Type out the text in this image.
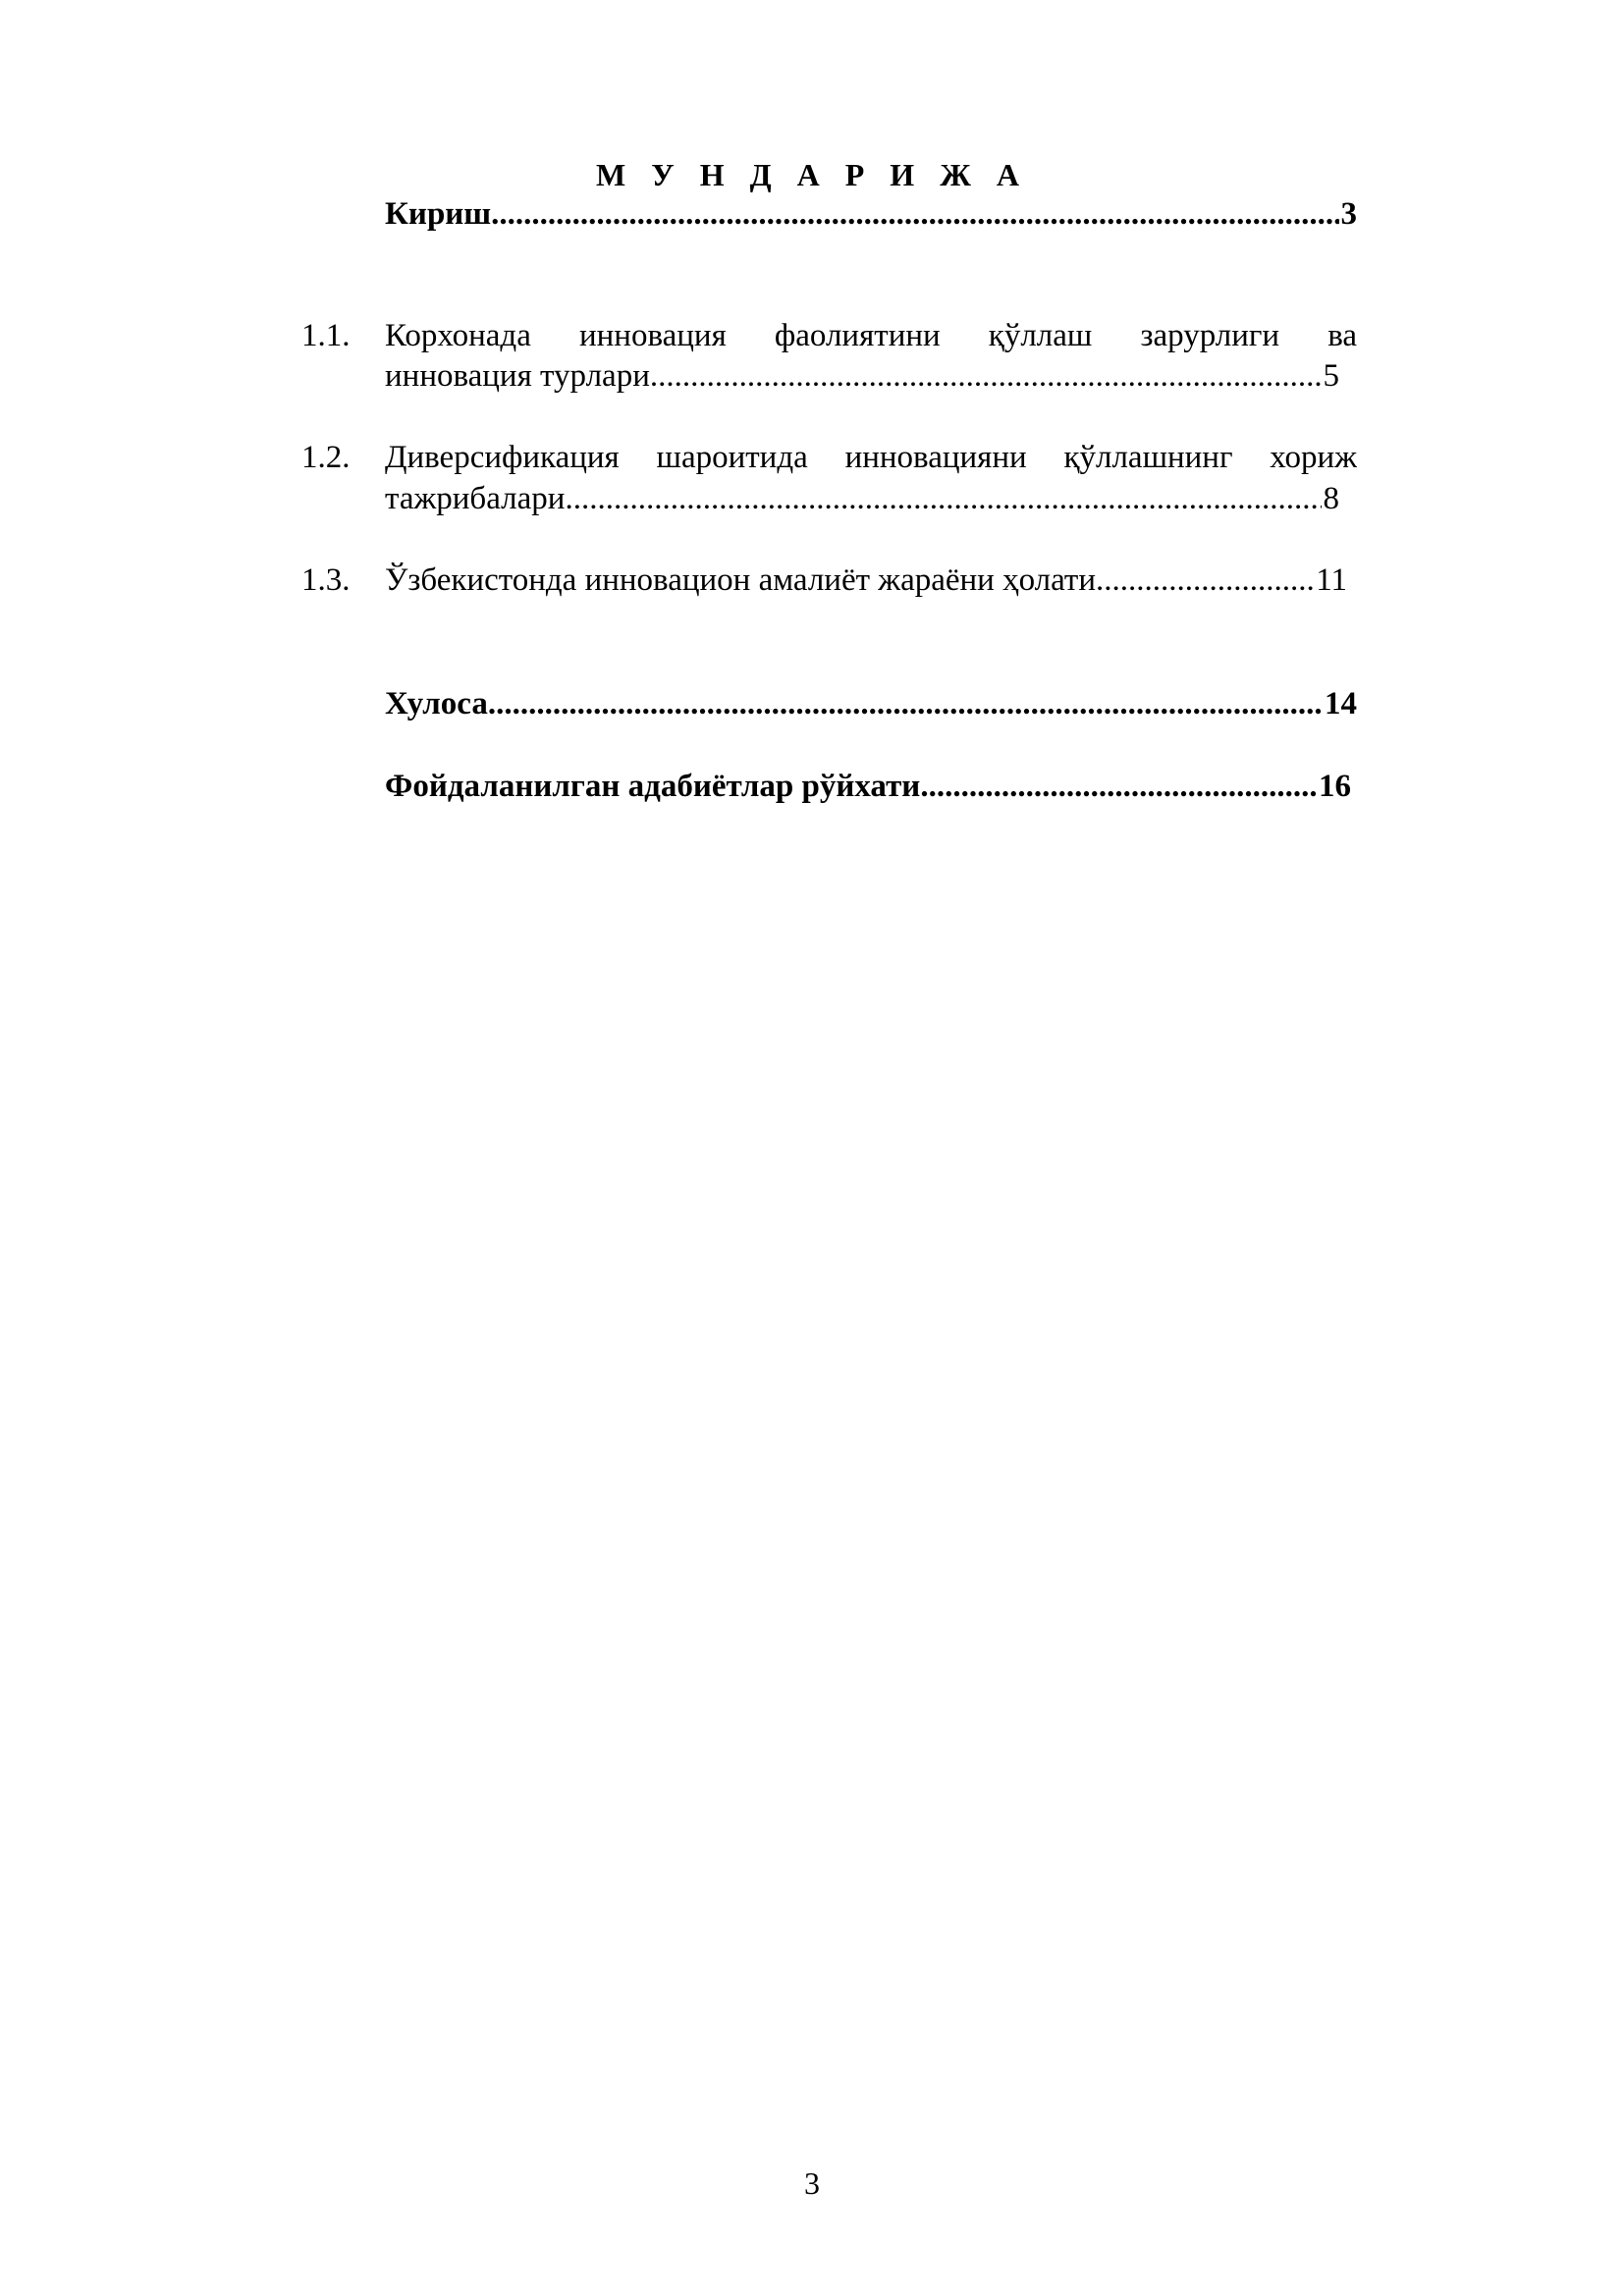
М У Н Д А Р И Ж А
Кириш .....	3
1.1. Корхонада инновация фаолиятини қўллаш зарурлиги ва
инновация турлари .....	5
1.2. Диверсификация шароитида инновацияни қўллашнинг хориж
тажрибалари .....	8
1.3. Ўзбекистонда инновацион амалиёт жараёни ҳолати .....	11
Хулоса .....	14
Фойдаланилган адабиётлар рўйхати .....	16
3
